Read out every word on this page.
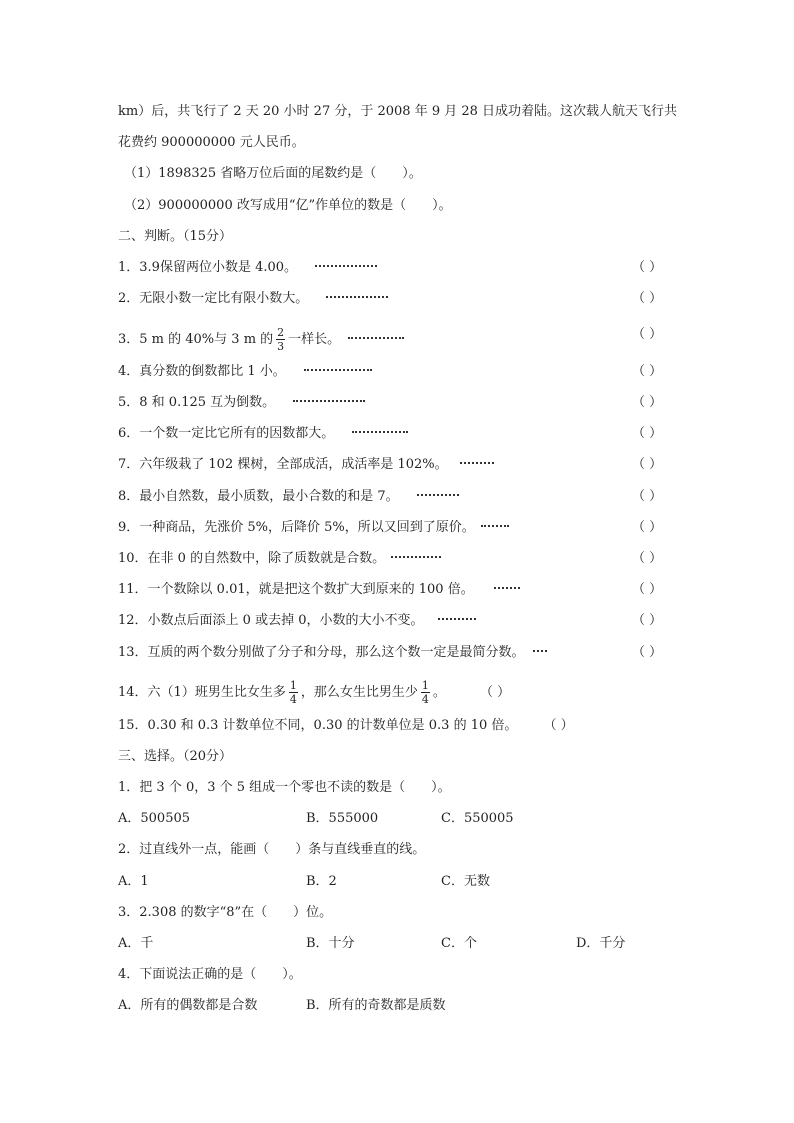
km）后，共飞行了 2 天 20 小时 27 分，于 2008 年 9 月 28 日成功着陆。这次载人航天飞行共
花费约 900000000 元人民币。
（1）1898325 省略万位后面的尾数约是（　　）。
（2）900000000 改写成用“亿”作单位的数是（　　）。
二、判断。（15分）
1．3.9
保留两位小数是 4.00。	（ ）
2．无限小数一定比有限小数大。	（ ）
3．5 m 的 40%与 3 m 的 $\frac{2}{3}$ 一样长。	（ ）
4．真分数的倒数都比 1 小。	（ ）
5．8 和 0.125 互为倒数。	（ ）
6．一个数一定比它所有的因数都大。	（ ）
7．六年级栽了 102 棵树，全部成活，成活率是 102%。	（ ）
8．最小自然数，最小质数，最小合数的和是 7。	（ ）
9．一种商品，先涨价 5%，后降价 5%，所以又回到了原价。	（ ）
10．在非 0 的自然数中，除了质数就是合数。	（ ）
11．一个数除以 0.01，就是把这个数扩大到原来的 100 倍。	（ ）
12．小数点后面添上 0 或去掉 0，小数的大小不变。	（ ）
13．互质的两个数分别做了分子和分母，那么这个数一定是最简分数。	（ ）
14．六（1）班男生比女生多 $\frac{1}{4}$ ，那么女生比男生少 $\frac{1}{4}$ 。	（ ）
15．0.30 和 0.3 计数单位不同，0.30 的计数单位是 0.3 的 10 倍。 （ ）
三、选择。（20分）
1．把 3 个 0，3 个 5 组成一个零也不读的数是（　　）。
A．500505	B．555000	C．550005
2．过直线外一点，能画（　　）条与直线垂直的线。
A．1	B．2	C．无数
3．2.308 的数字“8”在（　　）位。
A．千	B．十分	C．个	D．千分
4．下面说法正确的是（　　）。
A．所有的偶数都是合数	B．所有的奇数都是质数
